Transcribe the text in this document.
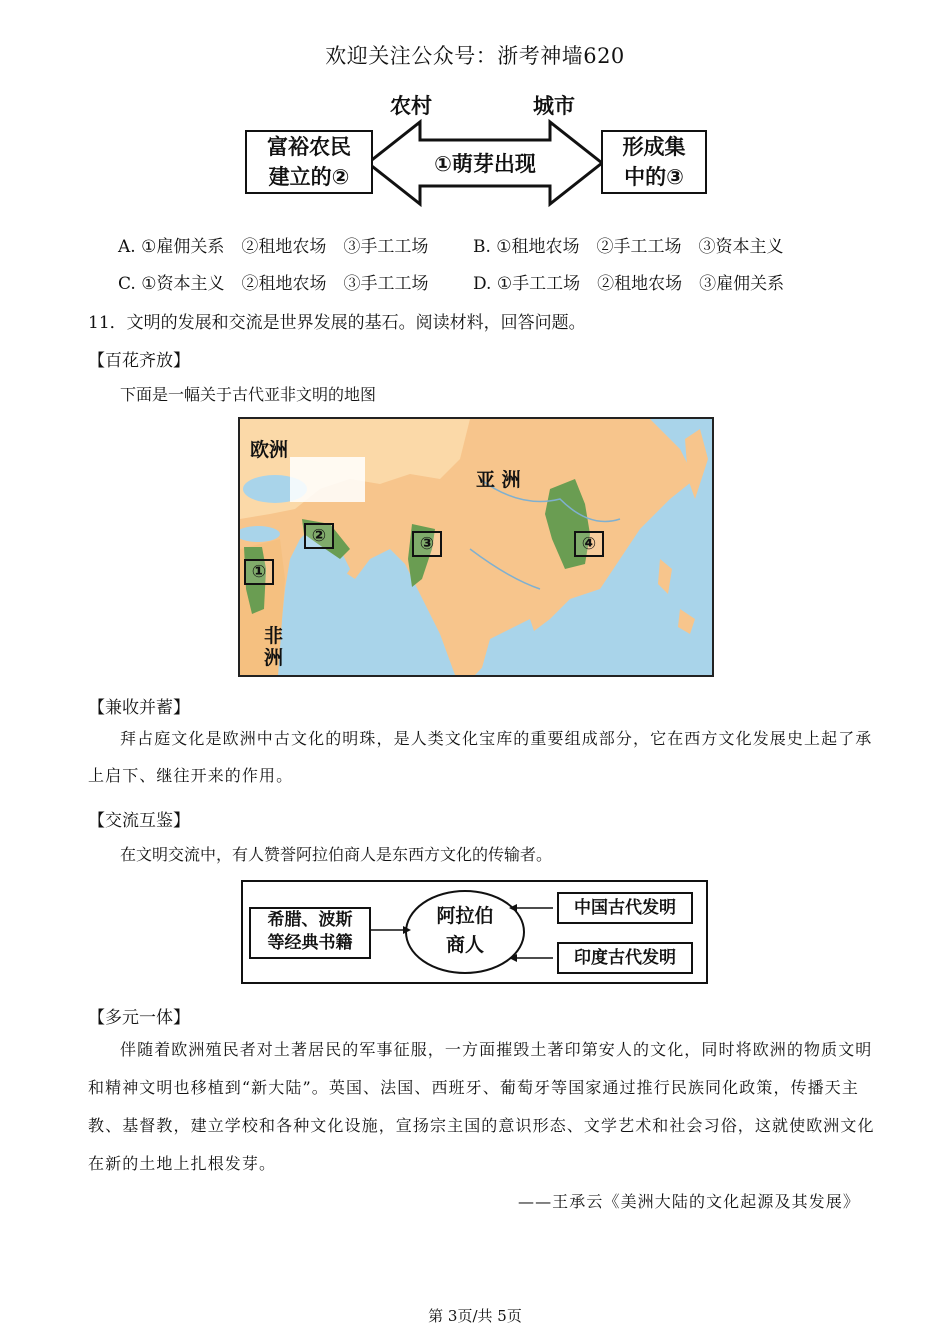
欢迎关注公众号：浙考神墙620
农村	城市
①萌芽出现
富裕农民
建立的②
形成集
中的③
A. ①雇佣关系　②租地农场　③手工工场	B. ①租地农场　②手工工场　③资本主义
C. ①资本主义　②租地农场　③手工工场	D. ①手工工场　②租地农场　③雇佣关系
11．文明的发展和交流是世界发展的基石。阅读材料，回答问题。
【百花齐放】
下面是一幅关于古代亚非文明的地图
欧洲
亚 洲
非
洲
①
②	③	④
【兼收并蓄】
拜占庭文化是欧洲中古文化的明珠，是人类文化宝库的重要组成部分，它在西方文化发展史上起了承
上启下、继往开来的作用。
【交流互鉴】
在文明交流中，有人赞誉阿拉伯商人是东西方文化的传输者。
希腊、波斯
等经典书籍
阿拉伯
商人
中国古代发明
印度古代发明
【多元一体】
伴随着欧洲殖民者对土著居民的军事征服，一方面摧毁土著印第安人的文化，同时将欧洲的物质文明
和精神文明也移植到“新大陆”。英国、法国、西班牙、葡萄牙等国家通过推行民族同化政策，传播天主
教、基督教，建立学校和各种文化设施，宣扬宗主国的意识形态、文学艺术和社会习俗，这就使欧洲文化
在新的土地上扎根发芽。
——王承云《美洲大陆的文化起源及其发展》
第 3页/共 5页
